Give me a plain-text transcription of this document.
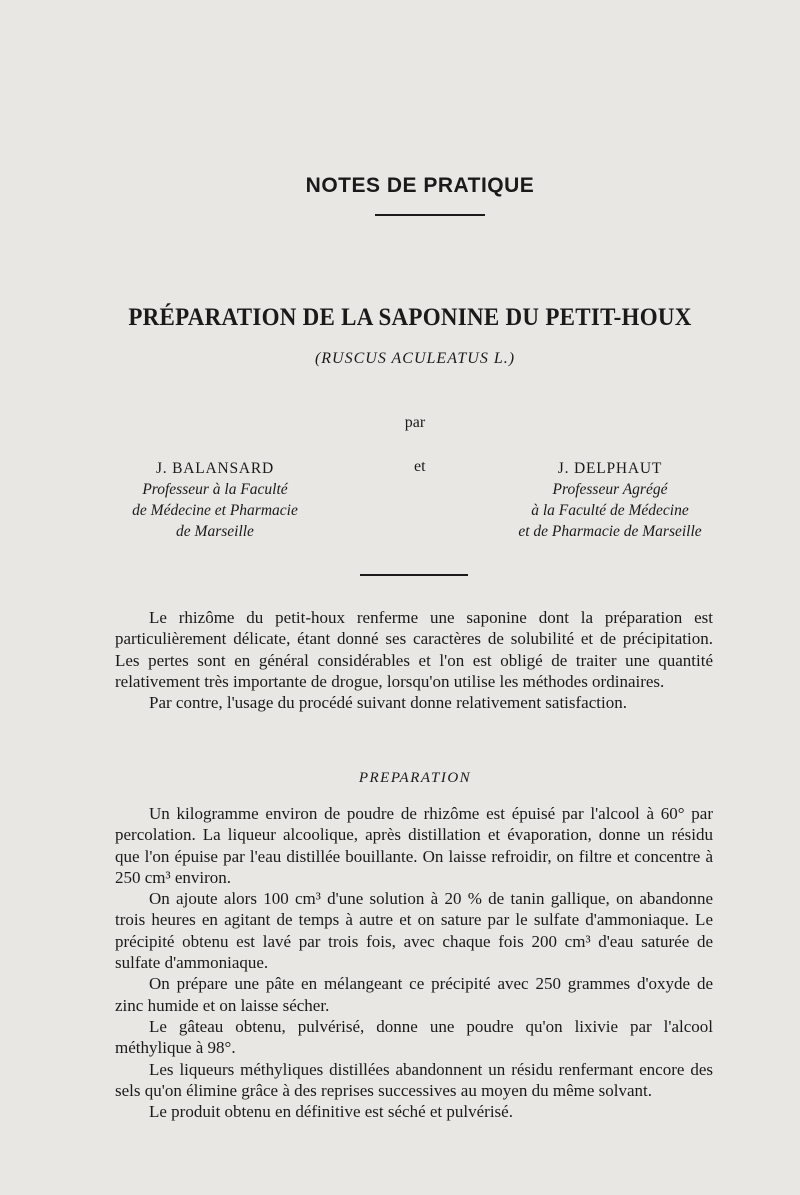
NOTES DE PRATIQUE
PRÉPARATION DE LA SAPONINE DU PETIT-HOUX
(RUSCUS ACULEATUS L.)
par
et
J. BALANSARD
Professeur à la Faculté
de Médecine et Pharmacie
de Marseille
J. DELPHAUT
Professeur Agrégé
à la Faculté de Médecine
et de Pharmacie de Marseille

Le rhizôme du petit-houx renferme une saponine dont la préparation est particulièrement délicate, étant donné ses caractères de solubilité et de précipitation. Les pertes sont en général considérables et l'on est obligé de traiter une quantité relativement très importante de drogue, lorsqu'on utilise les méthodes ordinaires.

Par contre, l'usage du procédé suivant donne relativement satisfaction.

PREPARATION

Un kilogramme environ de poudre de rhizôme est épuisé par l'alcool à 60° par percolation. La liqueur alcoolique, après distillation et évaporation, donne un résidu que l'on épuise par l'eau distillée bouillante. On laisse refroidir, on filtre et concentre à 250 cm³ environ.

On ajoute alors 100 cm³ d'une solution à 20 % de tanin gallique, on abandonne trois heures en agitant de temps à autre et on sature par le sulfate d'ammoniaque. Le précipité obtenu est lavé par trois fois, avec chaque fois 200 cm³ d'eau saturée de sulfate d'ammoniaque.

On prépare une pâte en mélangeant ce précipité avec 250 grammes d'oxyde de zinc humide et on laisse sécher.

Le gâteau obtenu, pulvérisé, donne une poudre qu'on lixivie par l'alcool méthylique à 98°.

Les liqueurs méthyliques distillées abandonnent un résidu renfermant encore des sels qu'on élimine grâce à des reprises successives au moyen du même solvant.

Le produit obtenu en définitive est séché et pulvérisé.
